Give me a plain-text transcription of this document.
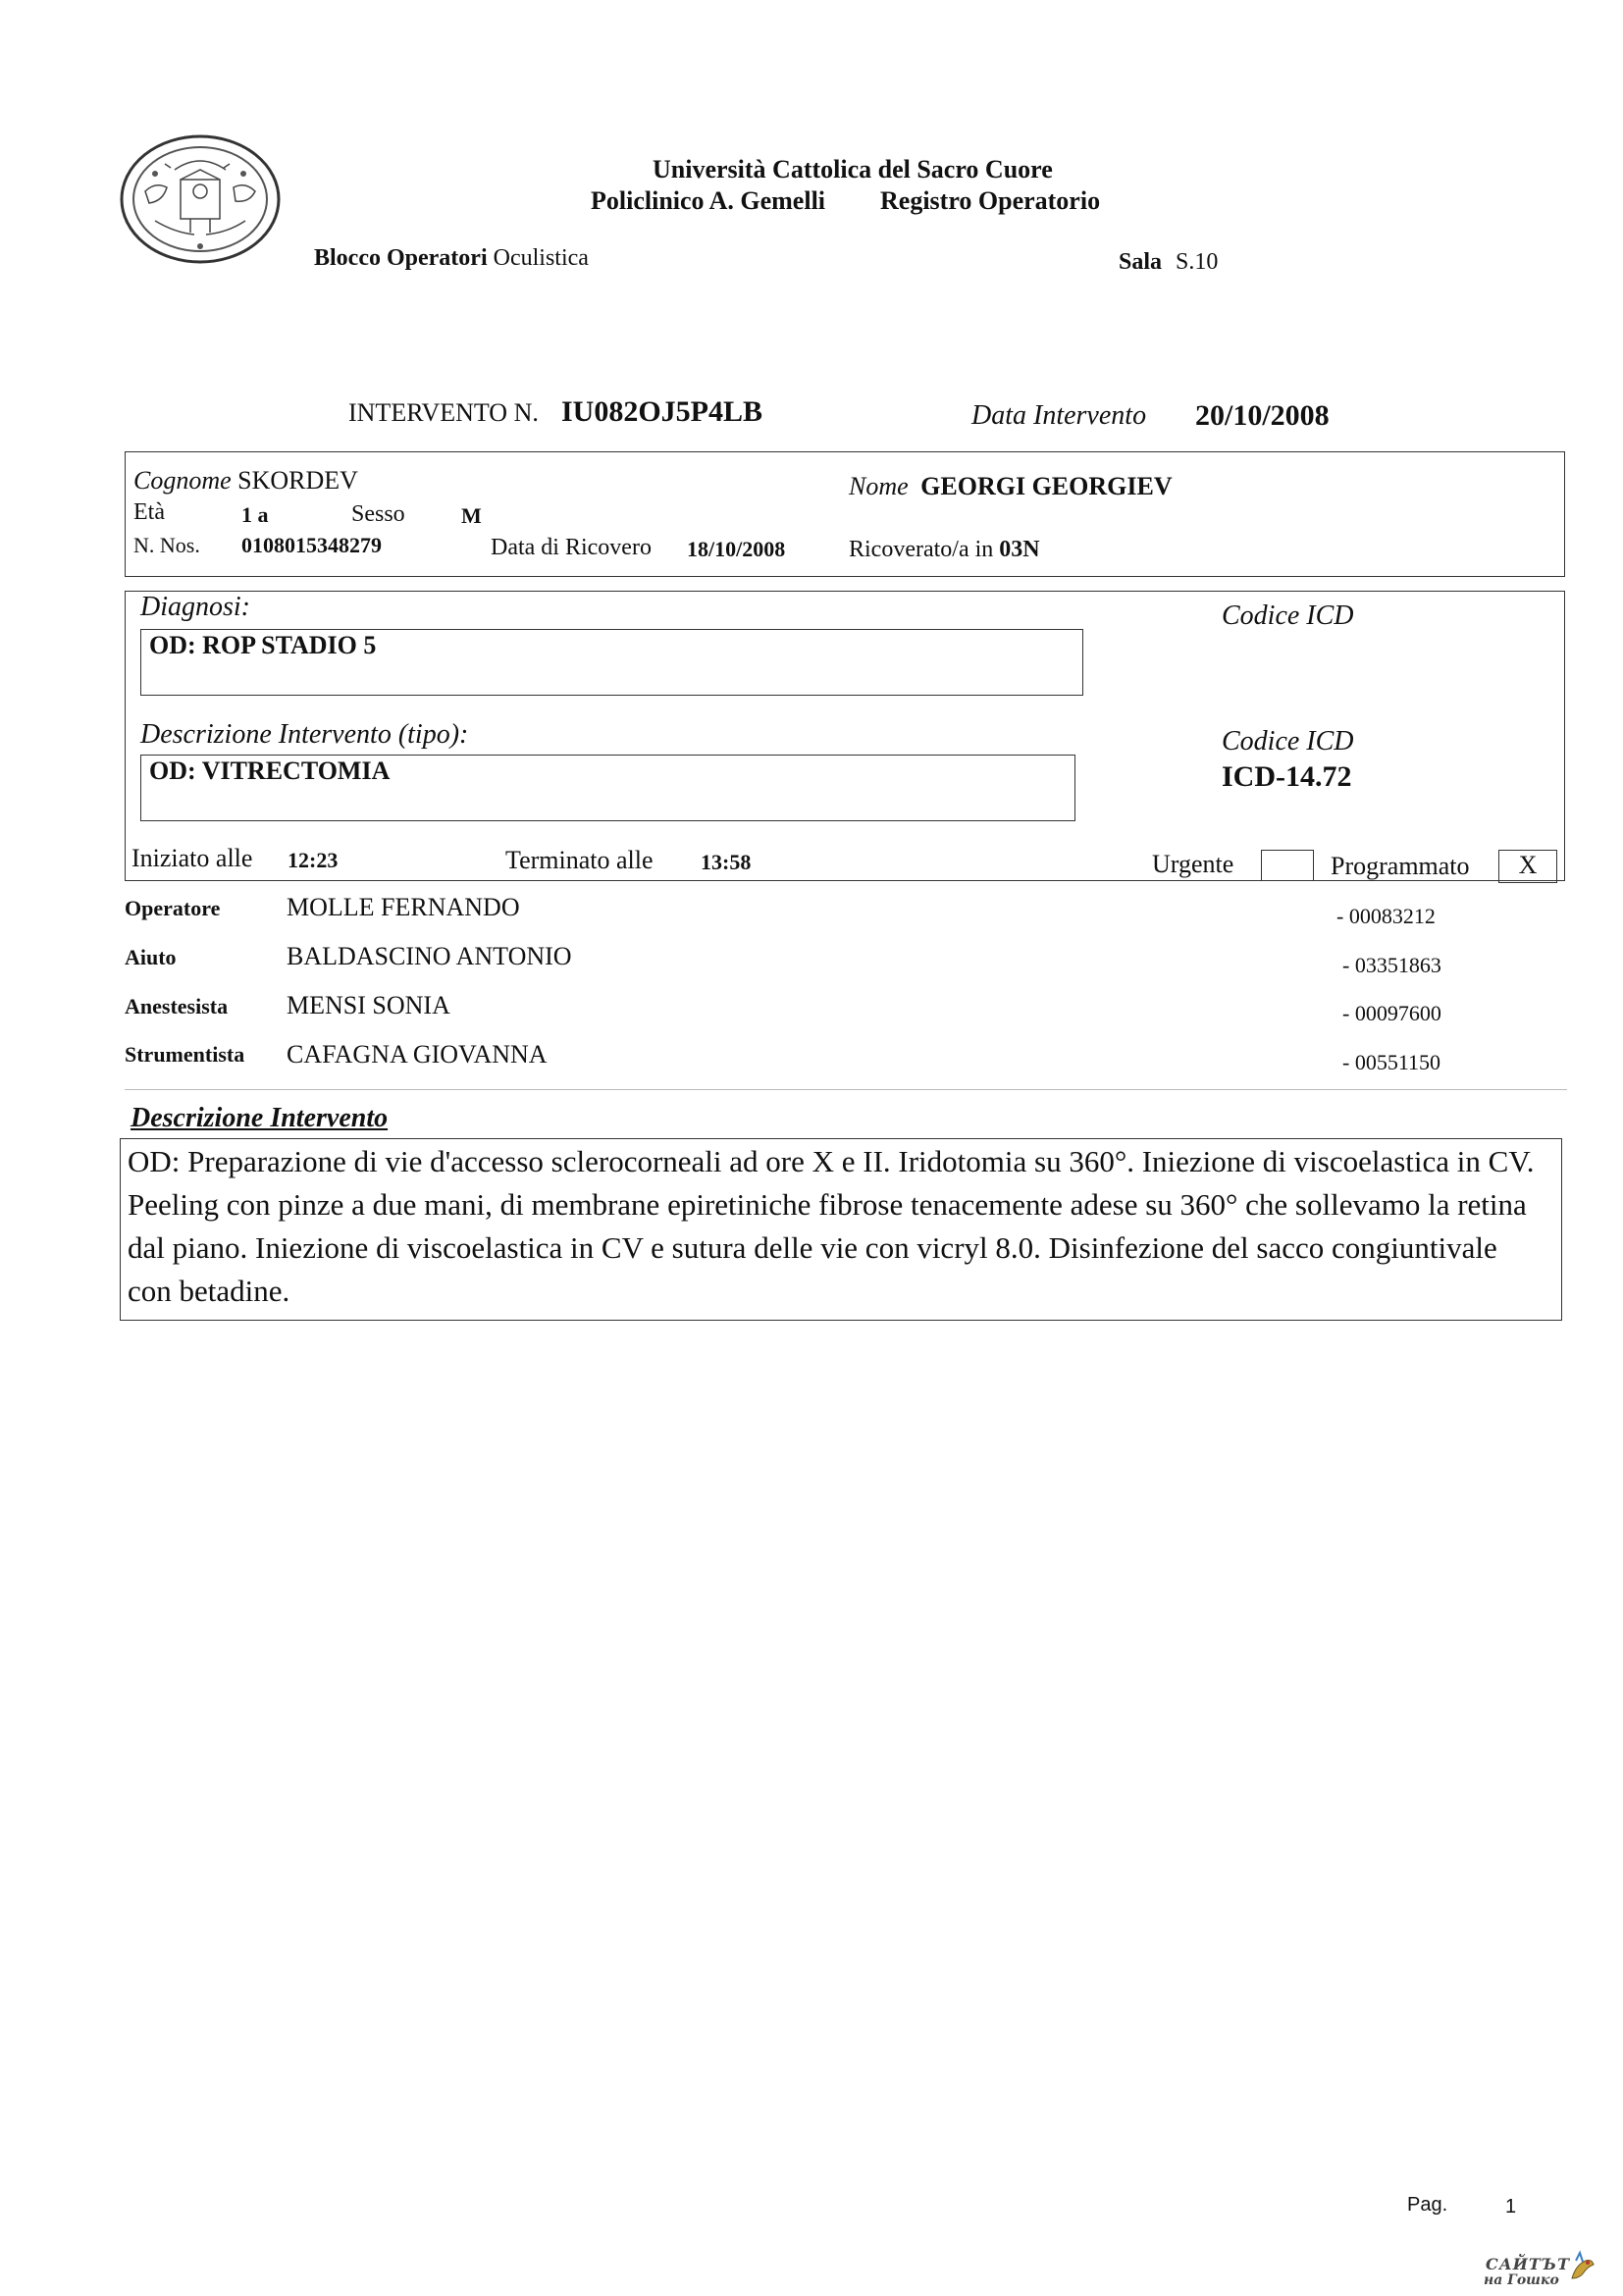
Università Cattolica del Sacro Cuore
Policlinico A. Gemelli Registro Operatorio
Blocco Operatori Oculistica	Sala S.10
INTERVENTO N. IU082OJ5P4LB	Data Intervento 20/10/2008
Cognome SKORDEV	Nome GEORGI GEORGIEV
Età	1 a	Sesso	M
N. Nos. 0108015348279	Data di Ricovero 18/10/2008	Ricoverato/a in 03N
Diagnosi:	Codice ICD
OD: ROP STADIO 5
Descrizione Intervento (tipo):	Codice ICD
ICD-14.72
OD: VITRECTOMIA
Iniziato alle 12:23	Terminato alle 13:58	Urgente	Programmato	X
Operatore	MOLLE FERNANDO	- 00083212
Aiuto	BALDASCINO ANTONIO	- 03351863
Anestesista MENSI SONIA	- 00097600
Strumentista CAFAGNA GIOVANNA	- 00551150
Descrizione Intervento
OD: Preparazione di vie d'accesso sclerocorneali ad ore X e II. Iridotomia su 360°. Iniezione di viscoelastica in CV. Peeling con pinze a due mani, di membrane epiretiniche fibrose tenacemente adese su 360° che sollevamo la retina dal piano. Iniezione di viscoelastica in CV e sutura delle vie con vicryl 8.0. Disinfezione del sacco congiuntivale con betadine.
Pag.	1
САЙТЪТ
на Гошко
